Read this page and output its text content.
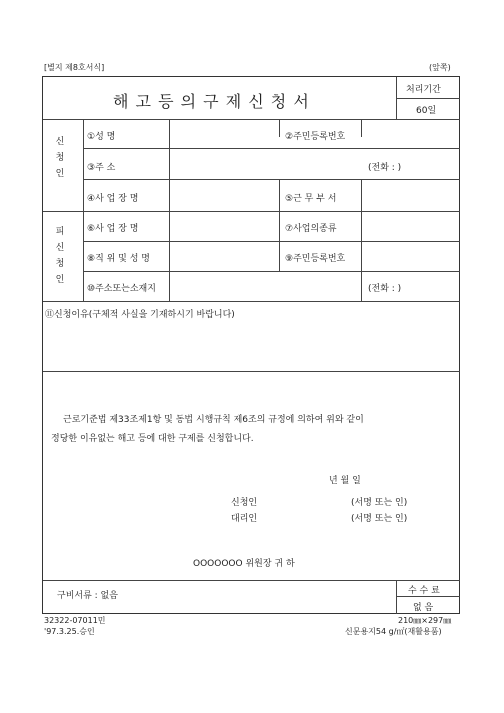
[별지 제8호서식]	(앞쪽)
해 고 등 의 구 제 신 청 서
처리기간
60일
신
청
인
①성 명	②주민등록번호
③주 소	(전화 : )
④사 업 장 명	⑤근 무 부 서
피
신
청
인
⑥사 업 장 명	⑦사업의종류
⑧직 위 및 성 명	⑨주민등록번호
⑩주소또는소재지	(전화 : )
⑪신청이유(구체적 사실을 기재하시기 바랍니다)
근로기준법 제33조제1항 및 동법 시행규칙 제6조의 규정에 의하여 위와 같이
정당한 이유없는 해고 등에 대한 구제를 신청합니다.
년 월 일
신청인	(서명 또는 인)
대리인	(서명 또는 인)
OOOOOOO 위원장 귀 하
구비서류 : 없음	수 수 료
없 음
32322-07011민
'97.3.25.승인
210㎜×297㎜
신문용지54 g/㎡(재활용품)
